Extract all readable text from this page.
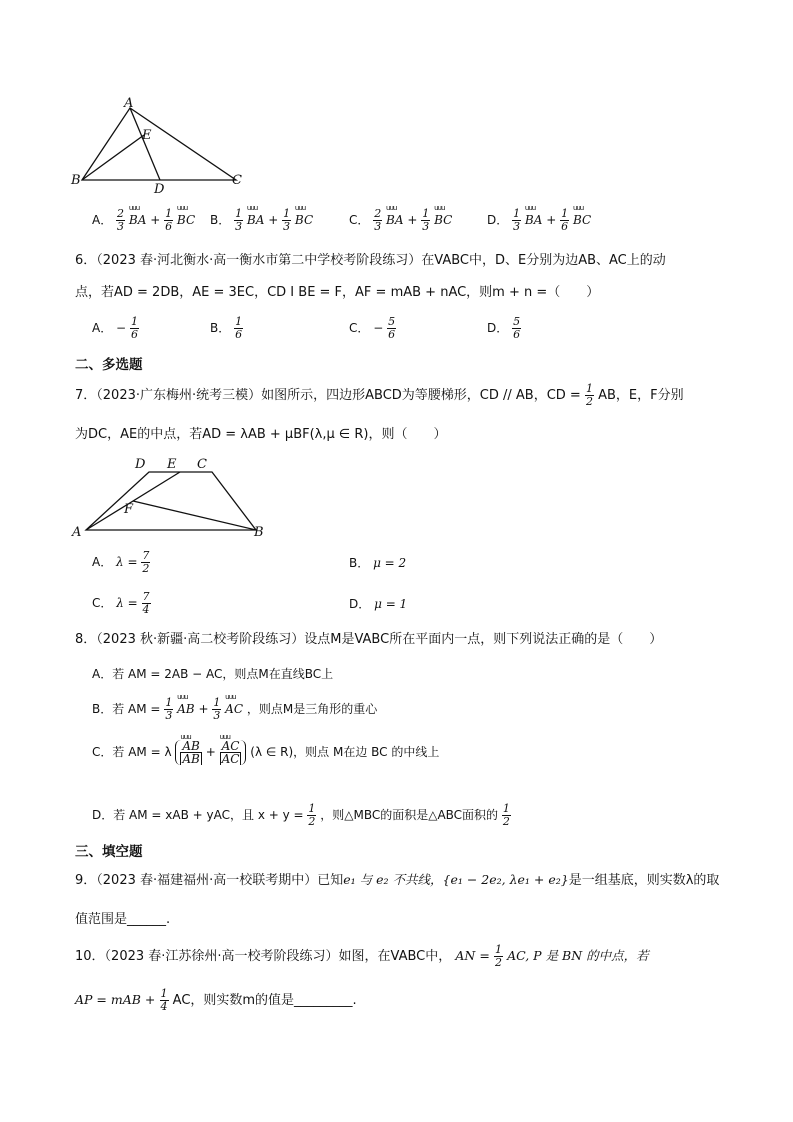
A
E
B
D
C
A． $\frac{2}{3}$ uuu BA + $\frac{1}{6}$ uuu BC B． $\frac{1}{3}$ uuu BA + $\frac{1}{3}$ uuu BC	C． $\frac{2}{3}$ uuu BA + $\frac{1}{3}$ uuu BC	D． $\frac{1}{3}$ uuu BA + $\frac{1}{6}$ uuu BC
6．（2023 春·河北衡水·高一衡水市第二中学校考阶段练习）在VABC中，D、E分别为边AB、AC上的动
点，若AD = 2DB，AE = 3EC，CD I BE = F，AF = mAB + nAC，则m + n =（　　）
A． − $\frac{1}{6}$	B． $\frac{1}{6}$	C． − $\frac{5}{6}$	D． $\frac{5}{6}$
二、多选题
7．（2023·广东梅州·统考三模）如图所示，四边形ABCD为等腰梯形，CD // AB，CD = $\frac{1}{2}$ AB，E，F分别
为DC，AE的中点，若AD = λAB + μBF(λ,μ ∈ R)，则（　　）
D E C
F
A	B
A． $\lambda = \frac{7}{2}$	B． μ = 2
C． $\lambda = \frac{7}{4}$	D． μ = 1
8．（2023 秋·新疆·高二校考阶段练习）设点M是VABC所在平面内一点，则下列说法正确的是（　　）
A．若 AM = 2AB − AC，则点M在直线BC上
B．若 AM = $\frac{1}{3}$ uuu AB + $\frac{1}{3}$ uuu AC ，则点M是三角形的重心
C．若 AM = λ uuu $\frac{AB}{AB}$ + uuu $\frac{AC}{AC} (\lambda$ ∈ R)，则点 M在边 BC 的中线上
D．若 AM = xAB + yAC，且 $x + y = \frac{1}{2}$ ，则△MBC的面积是△ABC面积的 $\frac{1}{2}$
三、填空题
9．（2023 春·福建福州·高一校联考期中）已知e₁ 与 e₂ 不共线，{e₁ − 2e₂, λe₁ + e₂}是一组基底，则实数λ的取
值范围是______.
10．（2023 春·江苏徐州·高一校考阶段练习）如图，在VABC中， AN = $\frac{1}{2}$ AC, P 是 BN 的中点，若
AP = mAB + $\frac{1}{4}$ AC，则实数m的值是_________.
